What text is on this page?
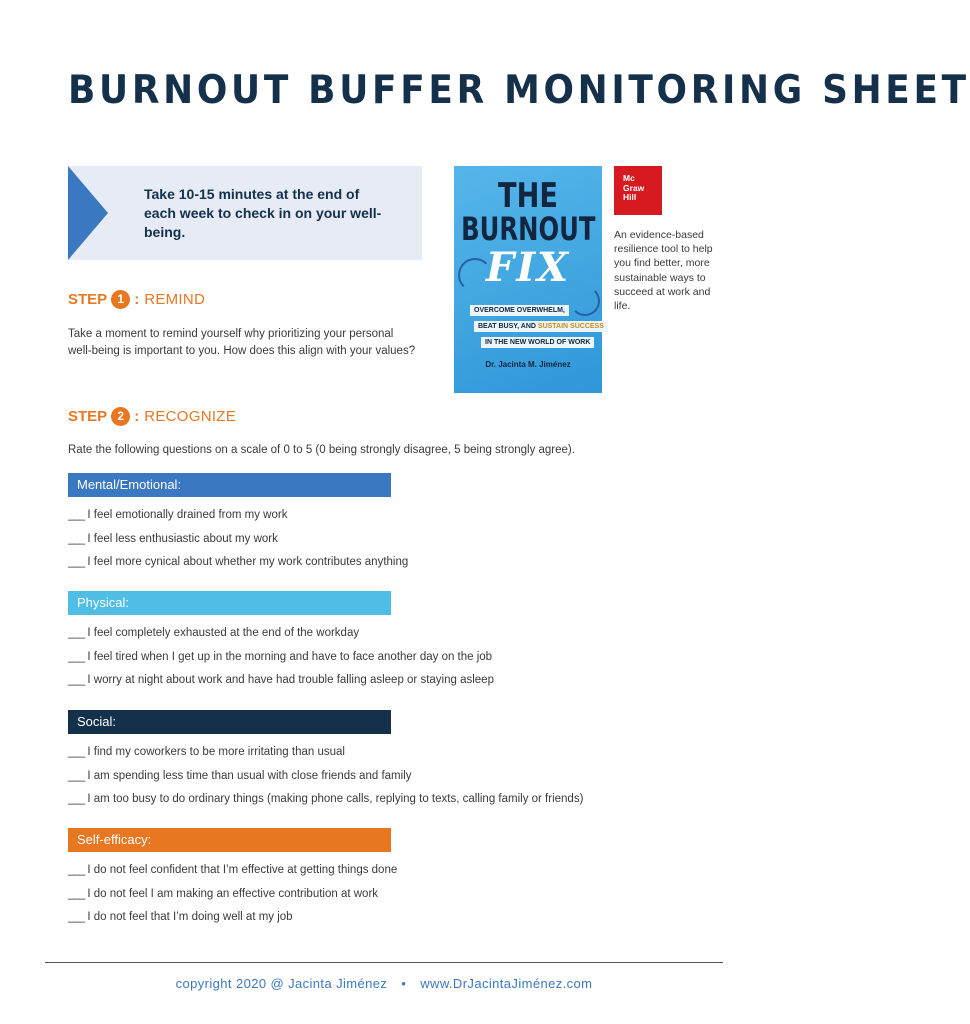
BURNOUT BUFFER MONITORING SHEET
Take 10-15 minutes at the end of each week to check in on your well-being.
THE
BURNOUT
FIX
OVERCOME OVERWHELM,
BEAT BUSY, AND SUSTAIN SUCCESS
IN THE NEW WORLD OF WORK
Dr. Jacinta M. Jiménez
Mc
Graw
Hill
An evidence-based resilience tool to help you find better, more sustainable ways to succeed at work and life.
STEP 1 : REMIND
Take a moment to remind yourself why prioritizing your personal well-being is important to you. How does this align with your values?
STEP 2 : RECOGNIZE
Rate the following questions on a scale of 0 to 5 (0 being strongly disagree, 5 being strongly agree).
Mental/Emotional:
___ I feel emotionally drained from my work
___ I feel less enthusiastic about my work
___ I feel more cynical about whether my work contributes anything
Physical:
___ I feel completely exhausted at the end of the workday
___ I feel tired when I get up in the morning and have to face another day on the job
___ I worry at night about work and have had trouble falling asleep or staying asleep
Social:
___ I find my coworkers to be more irritating than usual
___ I am spending less time than usual with close friends and family
___ I am too busy to do ordinary things (making phone calls, replying to texts, calling family or friends)
Self-efficacy:
___ I do not feel confident that I’m effective at getting things done
___ I do not feel I am making an effective contribution at work
___ I do not feel that I’m doing well at my job
copyright 2020 @ Jacinta Jiménez • www.DrJacintaJiménez.com
